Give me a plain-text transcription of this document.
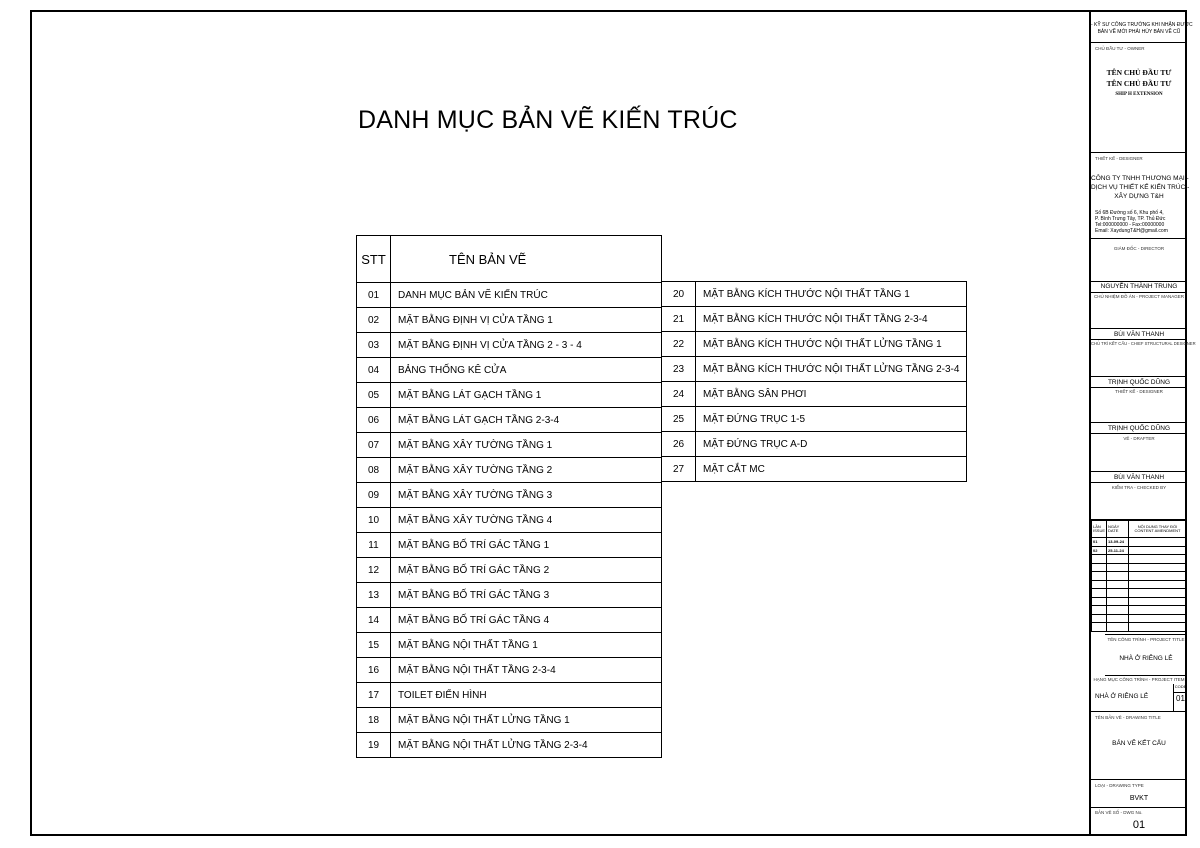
DANH MỤC BẢN VẼ KIẾN TRÚC
STT	TÊN BẢN VẼ
01	DANH MỤC BẢN VẼ KIẾN TRÚC
02	MẶT BẰNG ĐỊNH VỊ CỬA TẦNG 1
03	MẶT BẰNG ĐỊNH VỊ CỬA TẦNG 2 - 3 - 4
04	BẢNG THỐNG KÊ CỬA
05	MẶT BẰNG LÁT GẠCH TẦNG 1
06	MẶT BẰNG LÁT GẠCH TẦNG 2-3-4
07	MẶT BẰNG XÂY TƯỜNG TẦNG 1
08	MẶT BẰNG XÂY TƯỜNG TẦNG 2
09	MẶT BẰNG XÂY TƯỜNG TẦNG 3
10	MẶT BẰNG XÂY TƯỜNG TẦNG 4
11	MẶT BẰNG BỐ TRÍ GÁC TẦNG 1
12	MẶT BẰNG BỐ TRÍ GÁC TẦNG 2
13	MẶT BẰNG BỐ TRÍ GÁC TẦNG 3
14	MẶT BẰNG BỐ TRÍ GÁC TẦNG 4
15	MẶT BẰNG NỘI THẤT TẦNG 1
16	MẶT BẰNG NỘI THẤT TẦNG 2-3-4
17	TOILET ĐIỂN HÌNH
18	MẶT BẰNG NỘI THẤT LỬNG TẦNG 1
19	MẶT BẰNG NỘI THẤT LỬNG TẦNG 2-3-4
20	MẶT BẰNG KÍCH THƯỚC NỘI THẤT TẦNG 1
21	MẶT BẰNG KÍCH THƯỚC NỘI THẤT TẦNG 2-3-4
22	MẶT BẰNG KÍCH THƯỚC NỘI THẤT LỬNG TẦNG 1
23	MẶT BẰNG KÍCH THƯỚC NỘI THẤT LỬNG TẦNG 2-3-4
24	MẶT BẰNG SÂN PHƠI
25	MẶT ĐỨNG TRỤC 1-5
26	MẶT ĐỨNG TRỤC A-D
27	MẶT CẮT MC
- KỸ SƯ CÔNG TRƯỜNG KHI NHẬN ĐƯỢC
BẢN VẼ MỚI PHẢI HỦY BẢN VẼ CŨ
CHỦ ĐẦU TƯ - OWNER
TÊN CHỦ ĐẦU TƯ
TÊN CHỦ ĐẦU TƯ
SHIP H EXTENSION
THIẾT KẾ - DESIGNER
CÔNG TY TNHH THƯƠNG MẠI -
DỊCH VỤ THIẾT KẾ KIẾN TRÚC -
XÂY DỰNG T&H
Số 6B Đường số 6, Khu phố 4,
P. Bình Trưng Tây, TP. Thủ Đức
Tel:000000000 - Fax:00000000
Email: XaydungT&H@gmail.com
GIÁM ĐỐC - DIRECTOR
NGUYỄN THÀNH TRUNG
CHỦ NHIỆM ĐỒ ÁN - PROJECT MANAGER
BÙI VĂN THANH
CHỦ TRÌ KẾT CẤU - CHIEF STRUCTURAL DESIGNER
TRỊNH QUỐC DŨNG
THIẾT KẾ - DESIGNER
TRỊNH QUỐC DŨNG
VẼ - DRAFTER
BÙI VĂN THANH
KIỂM TRA - CHECKED BY
LẦN ISSUE	NGÀY DATE	NỘI DUNG THAY ĐỔI CONTENT AMENDMENT
01	13-09-24	
02	25-11-24	

TÊN CÔNG TRÌNH - PROJECT TITLE
NHÀ Ở RIÊNG LẺ
HẠNG MỤC CÔNG TRÌNH - PROJECT ITEM
CODE
01
NHÀ Ở RIÊNG LẺ
TÊN BẢN VẼ - DRAWING TITLE
BẢN VẼ KẾT CẤU
LOẠI - DRAWING TYPE
BVKT
BẢN VẼ SỐ - DWG No.
01
